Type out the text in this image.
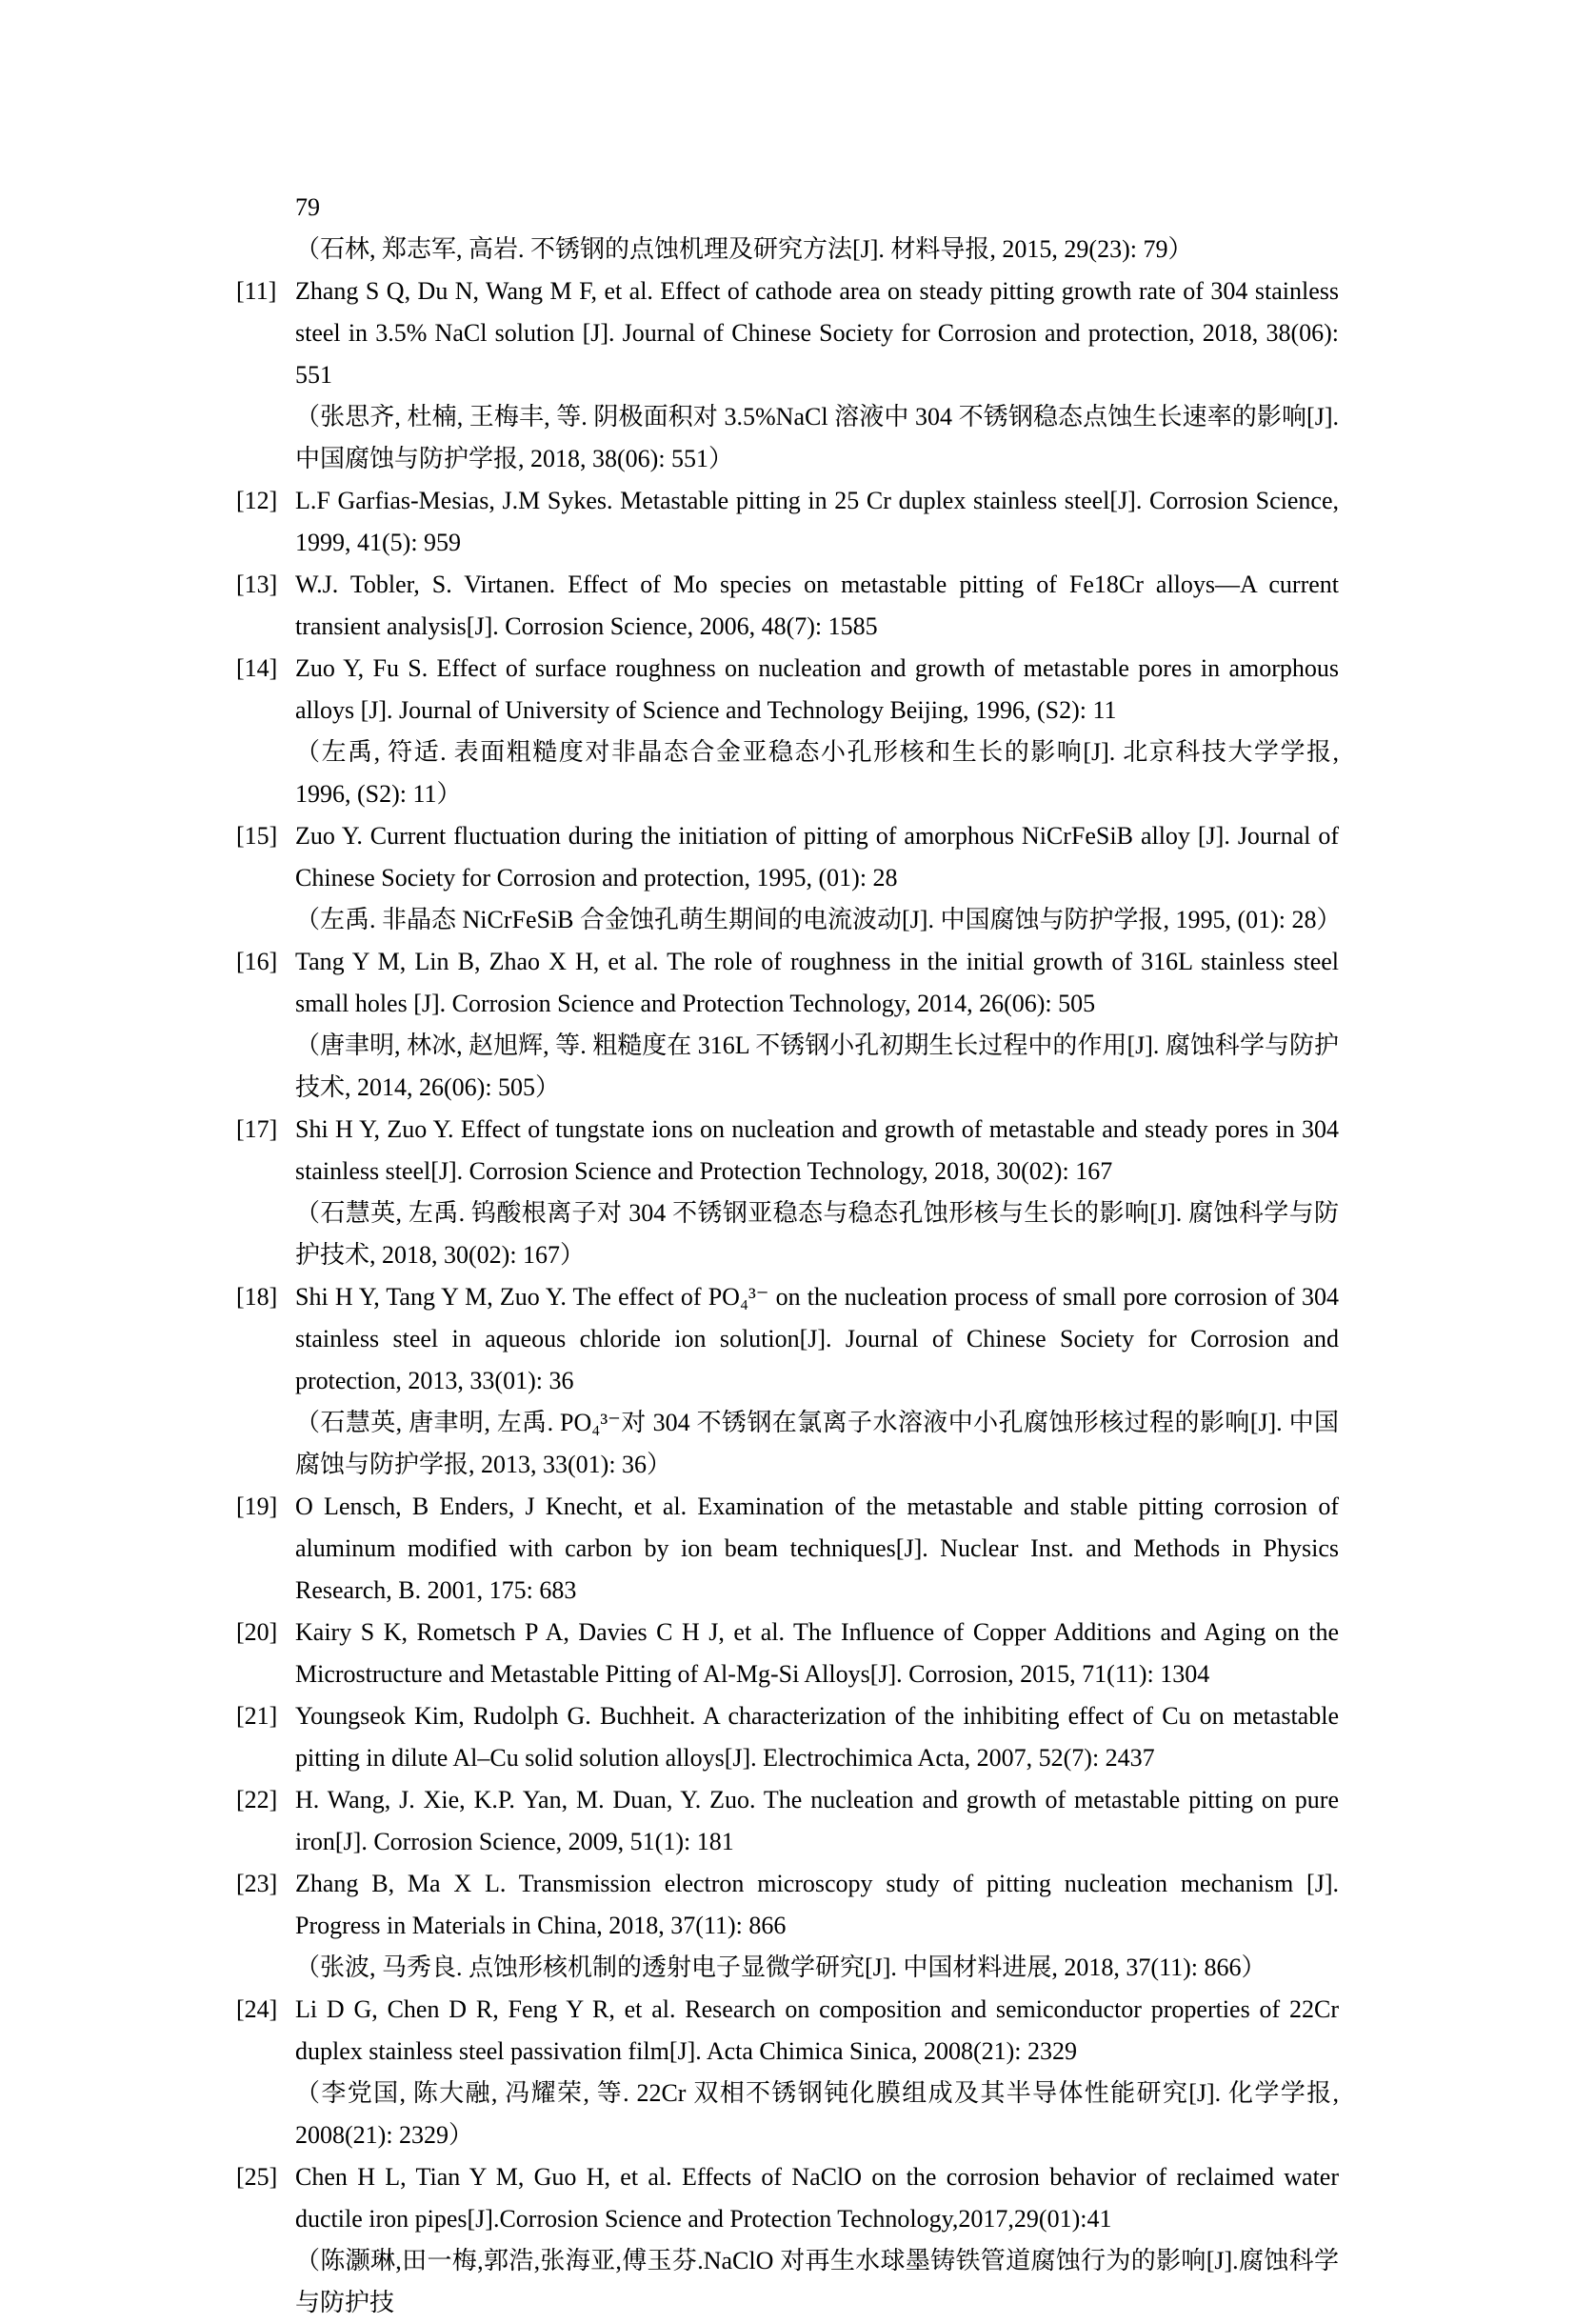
79

（石林, 郑志军, 高岩. 不锈钢的点蚀机理及研究方法[J]. 材料导报, 2015, 29(23): 79）

[11] Zhang S Q, Du N, Wang M F, et al. Effect of cathode area on steady pitting growth rate of 304 stainless steel in 3.5% NaCl solution [J]. Journal of Chinese Society for Corrosion and protection, 2018, 38(06): 551
（张思齐, 杜楠, 王梅丰, 等. 阴极面积对 3.5%NaCl 溶液中 304 不锈钢稳态点蚀生长速率的影响[J]. 中国腐蚀与防护学报, 2018, 38(06): 551）
[12] L.F Garfias-Mesias, J.M Sykes. Metastable pitting in 25 Cr duplex stainless steel[J]. Corrosion Science, 1999, 41(5): 959
[13] W.J. Tobler, S. Virtanen. Effect of Mo species on metastable pitting of Fe18Cr alloys—A current transient analysis[J]. Corrosion Science, 2006, 48(7): 1585
[14] Zuo Y, Fu S. Effect of surface roughness on nucleation and growth of metastable pores in amorphous alloys [J]. Journal of University of Science and Technology Beijing, 1996, (S2): 11
（左禹, 符适. 表面粗糙度对非晶态合金亚稳态小孔形核和生长的影响[J]. 北京科技大学学报, 1996, (S2): 11）
[15] Zuo Y. Current fluctuation during the initiation of pitting of amorphous NiCrFeSiB alloy [J]. Journal of Chinese Society for Corrosion and protection, 1995, (01): 28
（左禹. 非晶态 NiCrFeSiB 合金蚀孔萌生期间的电流波动[J]. 中国腐蚀与防护学报, 1995, (01): 28）
[16] Tang Y M, Lin B, Zhao X H, et al. The role of roughness in the initial growth of 316L stainless steel small holes [J]. Corrosion Science and Protection Technology, 2014, 26(06): 505
（唐聿明, 林冰, 赵旭辉, 等. 粗糙度在 316L 不锈钢小孔初期生长过程中的作用[J]. 腐蚀科学与防护技术, 2014, 26(06): 505）
[17] Shi H Y, Zuo Y. Effect of tungstate ions on nucleation and growth of metastable and steady pores in 304 stainless steel[J]. Corrosion Science and Protection Technology, 2018, 30(02): 167
（石慧英, 左禹. 钨酸根离子对 304 不锈钢亚稳态与稳态孔蚀形核与生长的影响[J]. 腐蚀科学与防护技术, 2018, 30(02): 167）
[18] Shi H Y, Tang Y M, Zuo Y. The effect of PO₄³⁻ on the nucleation process of small pore corrosion of 304 stainless steel in aqueous chloride ion solution[J]. Journal of Chinese Society for Corrosion and protection, 2013, 33(01): 36
（石慧英, 唐聿明, 左禹. PO₄³⁻对 304 不锈钢在氯离子水溶液中小孔腐蚀形核过程的影响[J]. 中国腐蚀与防护学报, 2013, 33(01): 36）
[19] O Lensch, B Enders, J Knecht, et al. Examination of the metastable and stable pitting corrosion of aluminum modified with carbon by ion beam techniques[J]. Nuclear Inst. and Methods in Physics Research, B. 2001, 175: 683
[20] Kairy S K, Rometsch P A, Davies C H J, et al. The Influence of Copper Additions and Aging on the Microstructure and Metastable Pitting of Al-Mg-Si Alloys[J]. Corrosion, 2015, 71(11): 1304
[21] Youngseok Kim, Rudolph G. Buchheit. A characterization of the inhibiting effect of Cu on metastable pitting in dilute Al–Cu solid solution alloys[J]. Electrochimica Acta, 2007, 52(7): 2437
[22] H. Wang, J. Xie, K.P. Yan, M. Duan, Y. Zuo. The nucleation and growth of metastable pitting on pure iron[J]. Corrosion Science, 2009, 51(1): 181
[23] Zhang B, Ma X L. Transmission electron microscopy study of pitting nucleation mechanism [J]. Progress in Materials in China, 2018, 37(11): 866
（张波, 马秀良. 点蚀形核机制的透射电子显微学研究[J]. 中国材料进展, 2018, 37(11): 866）
[24] Li D G, Chen D R, Feng Y R, et al. Research on composition and semiconductor properties of 22Cr duplex stainless steel passivation film[J]. Acta Chimica Sinica, 2008(21): 2329
（李党国, 陈大融, 冯耀荣, 等. 22Cr 双相不锈钢钝化膜组成及其半导体性能研究[J]. 化学学报, 2008(21): 2329）
[25] Chen H L, Tian Y M, Guo H, et al. Effects of NaClO on the corrosion behavior of reclaimed water ductile iron pipes[J].Corrosion Science and Protection Technology,2017,29(01):41
（陈灏琳,田一梅,郭浩,张海亚,傅玉芬.NaClO 对再生水球墨铸铁管道腐蚀行为的影响[J].腐蚀科学与防护技
